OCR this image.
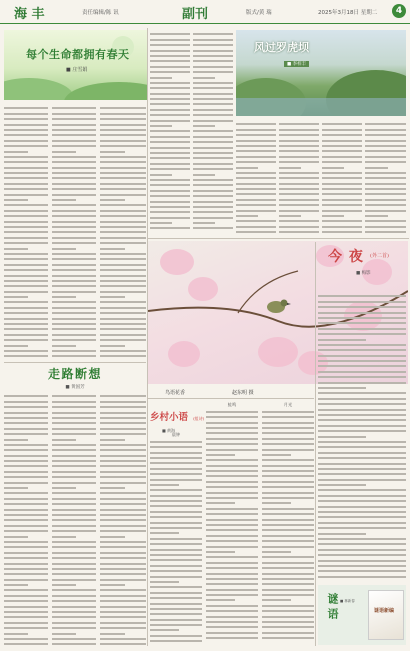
海 丰	责任编辑/陈 讯	副刊	版式/黄 瑞	2025年3月18日 星期二	4
每个生命都拥有春天
■ 庄雪娟
风过罗虎坝
■ 李梓丰
鸟语花香	赵东明 摄
走路断想
■ 黄国芳
今 夜 (外二首)
■ 梅影
乡村小语 (组诗)
■ 黄海
晨钟
蛙鸣	月光
谜语 ■ 林新春
谜语新编
